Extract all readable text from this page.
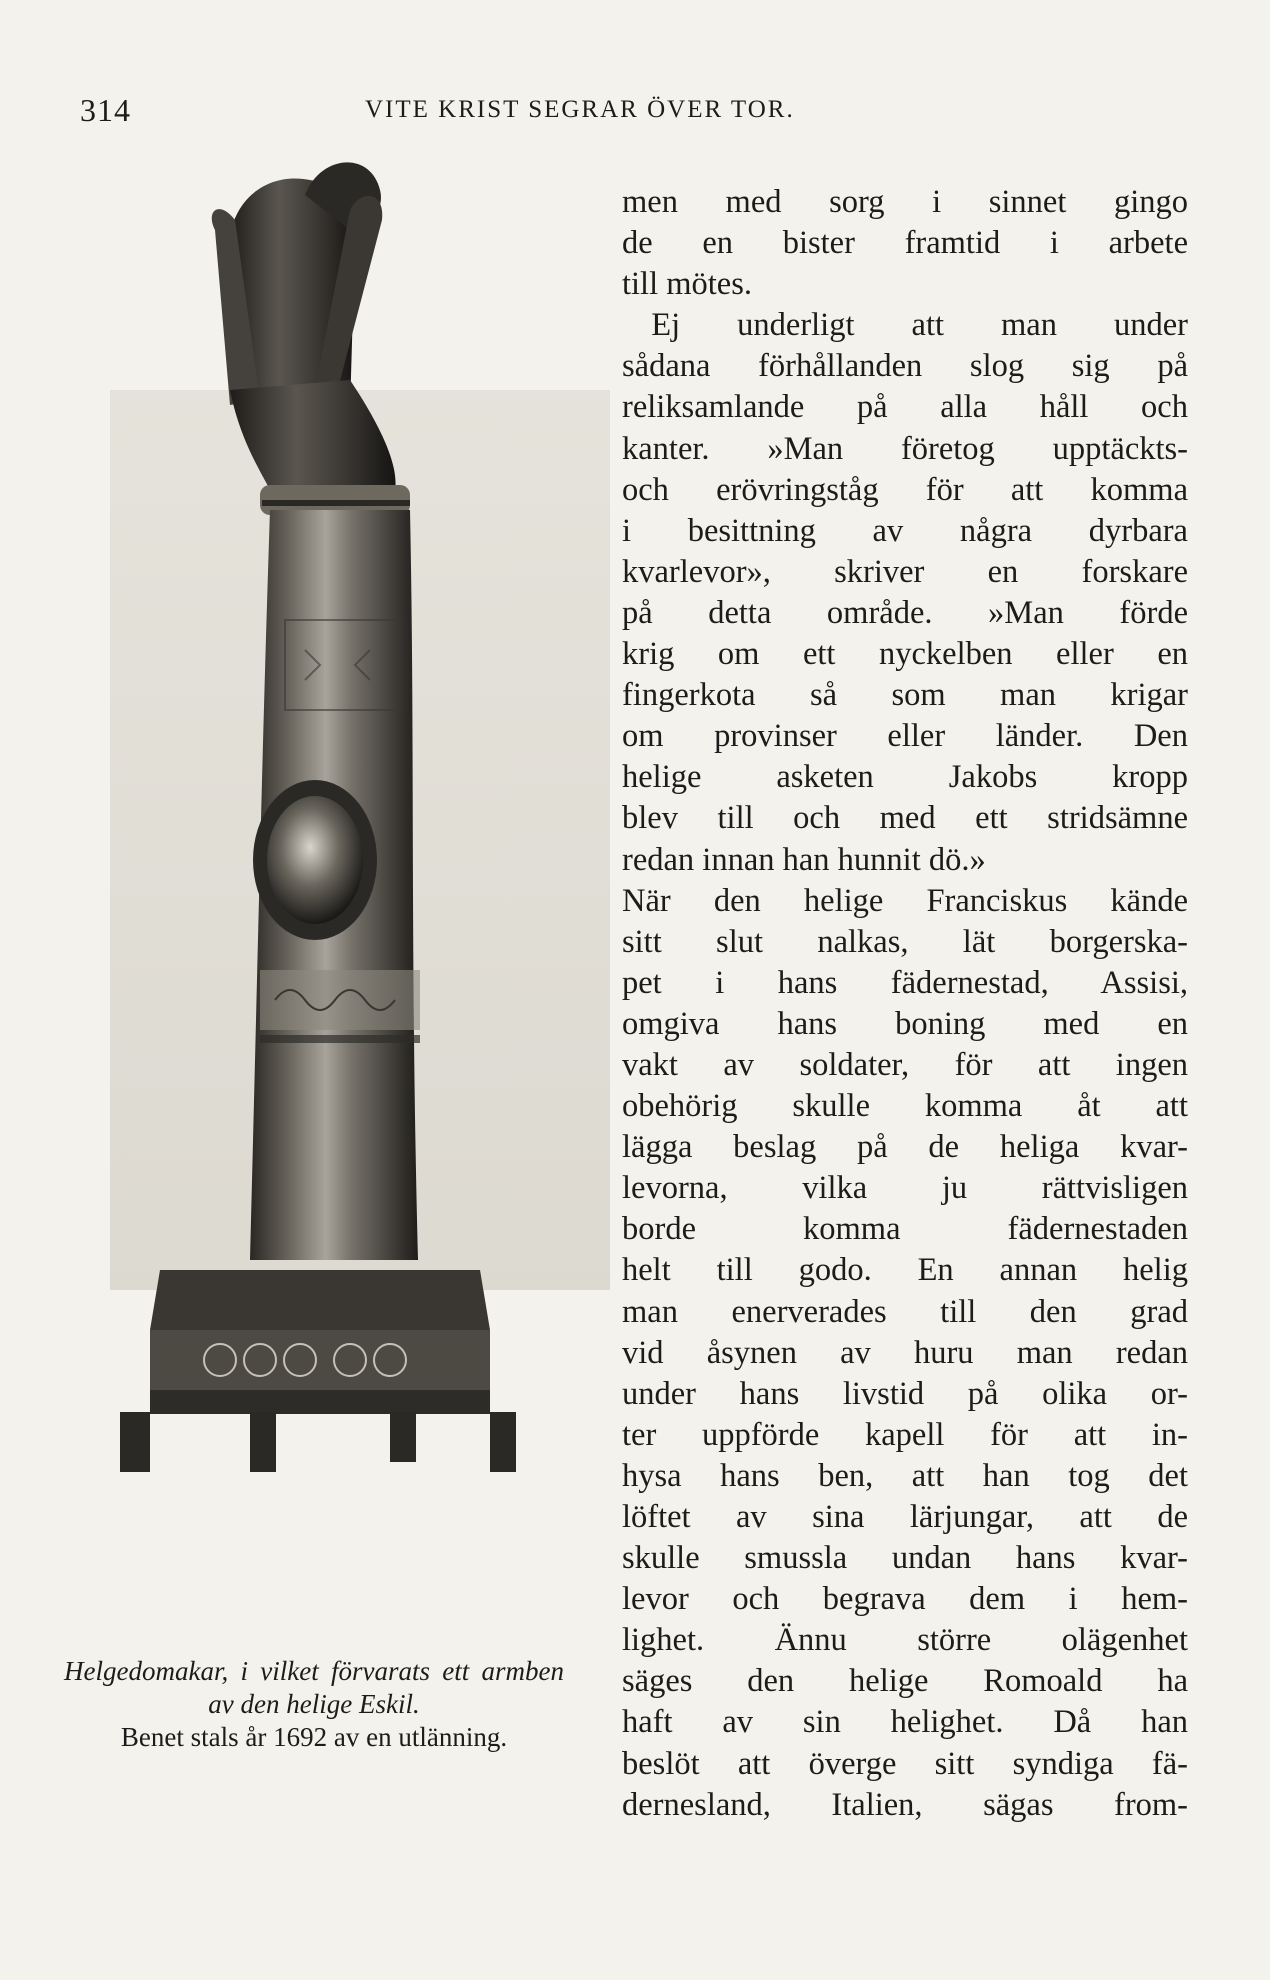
314	VITE KRIST SEGRAR ÖVER TOR.
Helgedomakar, i vilket förvarats ett armben av den helige Eskil.
Benet stals år 1692 av en utlänning.
men med sorg i sinnet gingo
de en bister framtid i arbete
till mötes.
Ej underligt att man under
sådana förhållanden slog sig på
reliksamlande på alla håll och
kanter. »Man företog upptäckts-
och erövringståg för att komma
i besittning av några dyrbara
kvarlevor», skriver en forskare
på detta område. »Man förde
krig om ett nyckelben eller en
fingerkota så som man krigar
om provinser eller länder. Den
helige asketen Jakobs kropp
blev till och med ett stridsämne
redan innan han hunnit dö.»
När den helige Franciskus kände
sitt slut nalkas, lät borgerska-
pet i hans fädernestad, Assisi,
omgiva hans boning med en
vakt av soldater, för att ingen
obehörig skulle komma åt att
lägga beslag på de heliga kvar-
levorna, vilka ju rättvisligen
borde komma fädernestaden
helt till godo. En annan helig
man enerverades till den grad
vid åsynen av huru man redan
under hans livstid på olika or-
ter uppförde kapell för att in-
hysa hans ben, att han tog det
löftet av sina lärjungar, att de
skulle smussla undan hans kvar-
levor och begrava dem i hem-
lighet. Ännu större olägenhet
säges den helige Romoald ha
haft av sin helighet. Då han
beslöt att överge sitt syndiga fä-
dernesland, Italien, sägas from-
